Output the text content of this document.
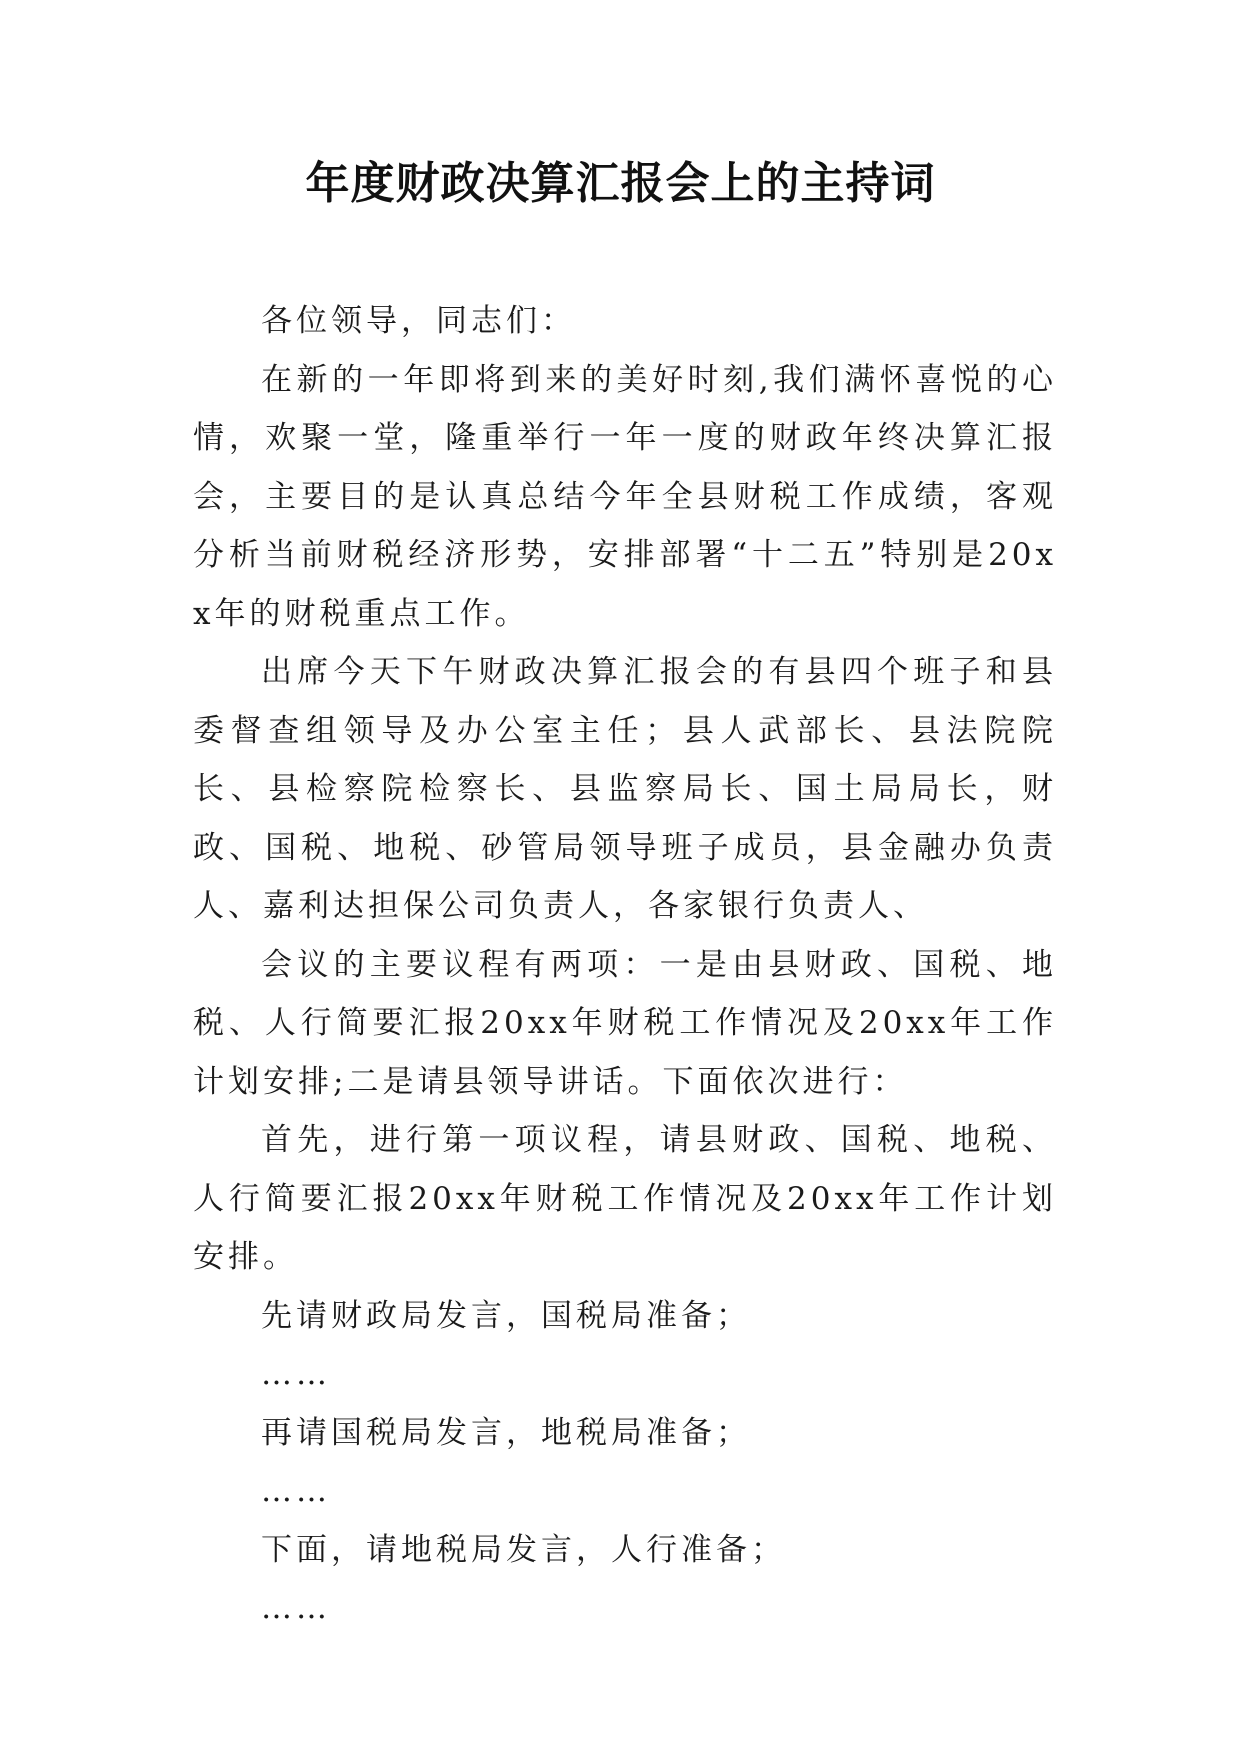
年度财政决算汇报会上的主持词

各位领导，同志们：

在新的一年即将到来的美好时刻,我们满怀喜悦的心情，欢聚一堂，隆重举行一年一度的财政年终决算汇报会，主要目的是认真总结今年全县财税工作成绩，客观分析当前财税经济形势，安排部署“十二五”特别是20xx年的财税重点工作。

出席今天下午财政决算汇报会的有县四个班子和县委督查组领导及办公室主任；县人武部长、县法院院长、县检察院检察长、县监察局长、国土局局长，财政、国税、地税、砂管局领导班子成员，县金融办负责人、嘉利达担保公司负责人，各家银行负责人、

会议的主要议程有两项：一是由县财政、国税、地税、人行简要汇报20xx年财税工作情况及20xx年工作计划安排;二是请县领导讲话。下面依次进行：

首先，进行第一项议程，请县财政、国税、地税、人行简要汇报20xx年财税工作情况及20xx年工作计划安排。

先请财政局发言，国税局准备；

……

再请国税局发言，地税局准备；

……

下面，请地税局发言，人行准备；

……
